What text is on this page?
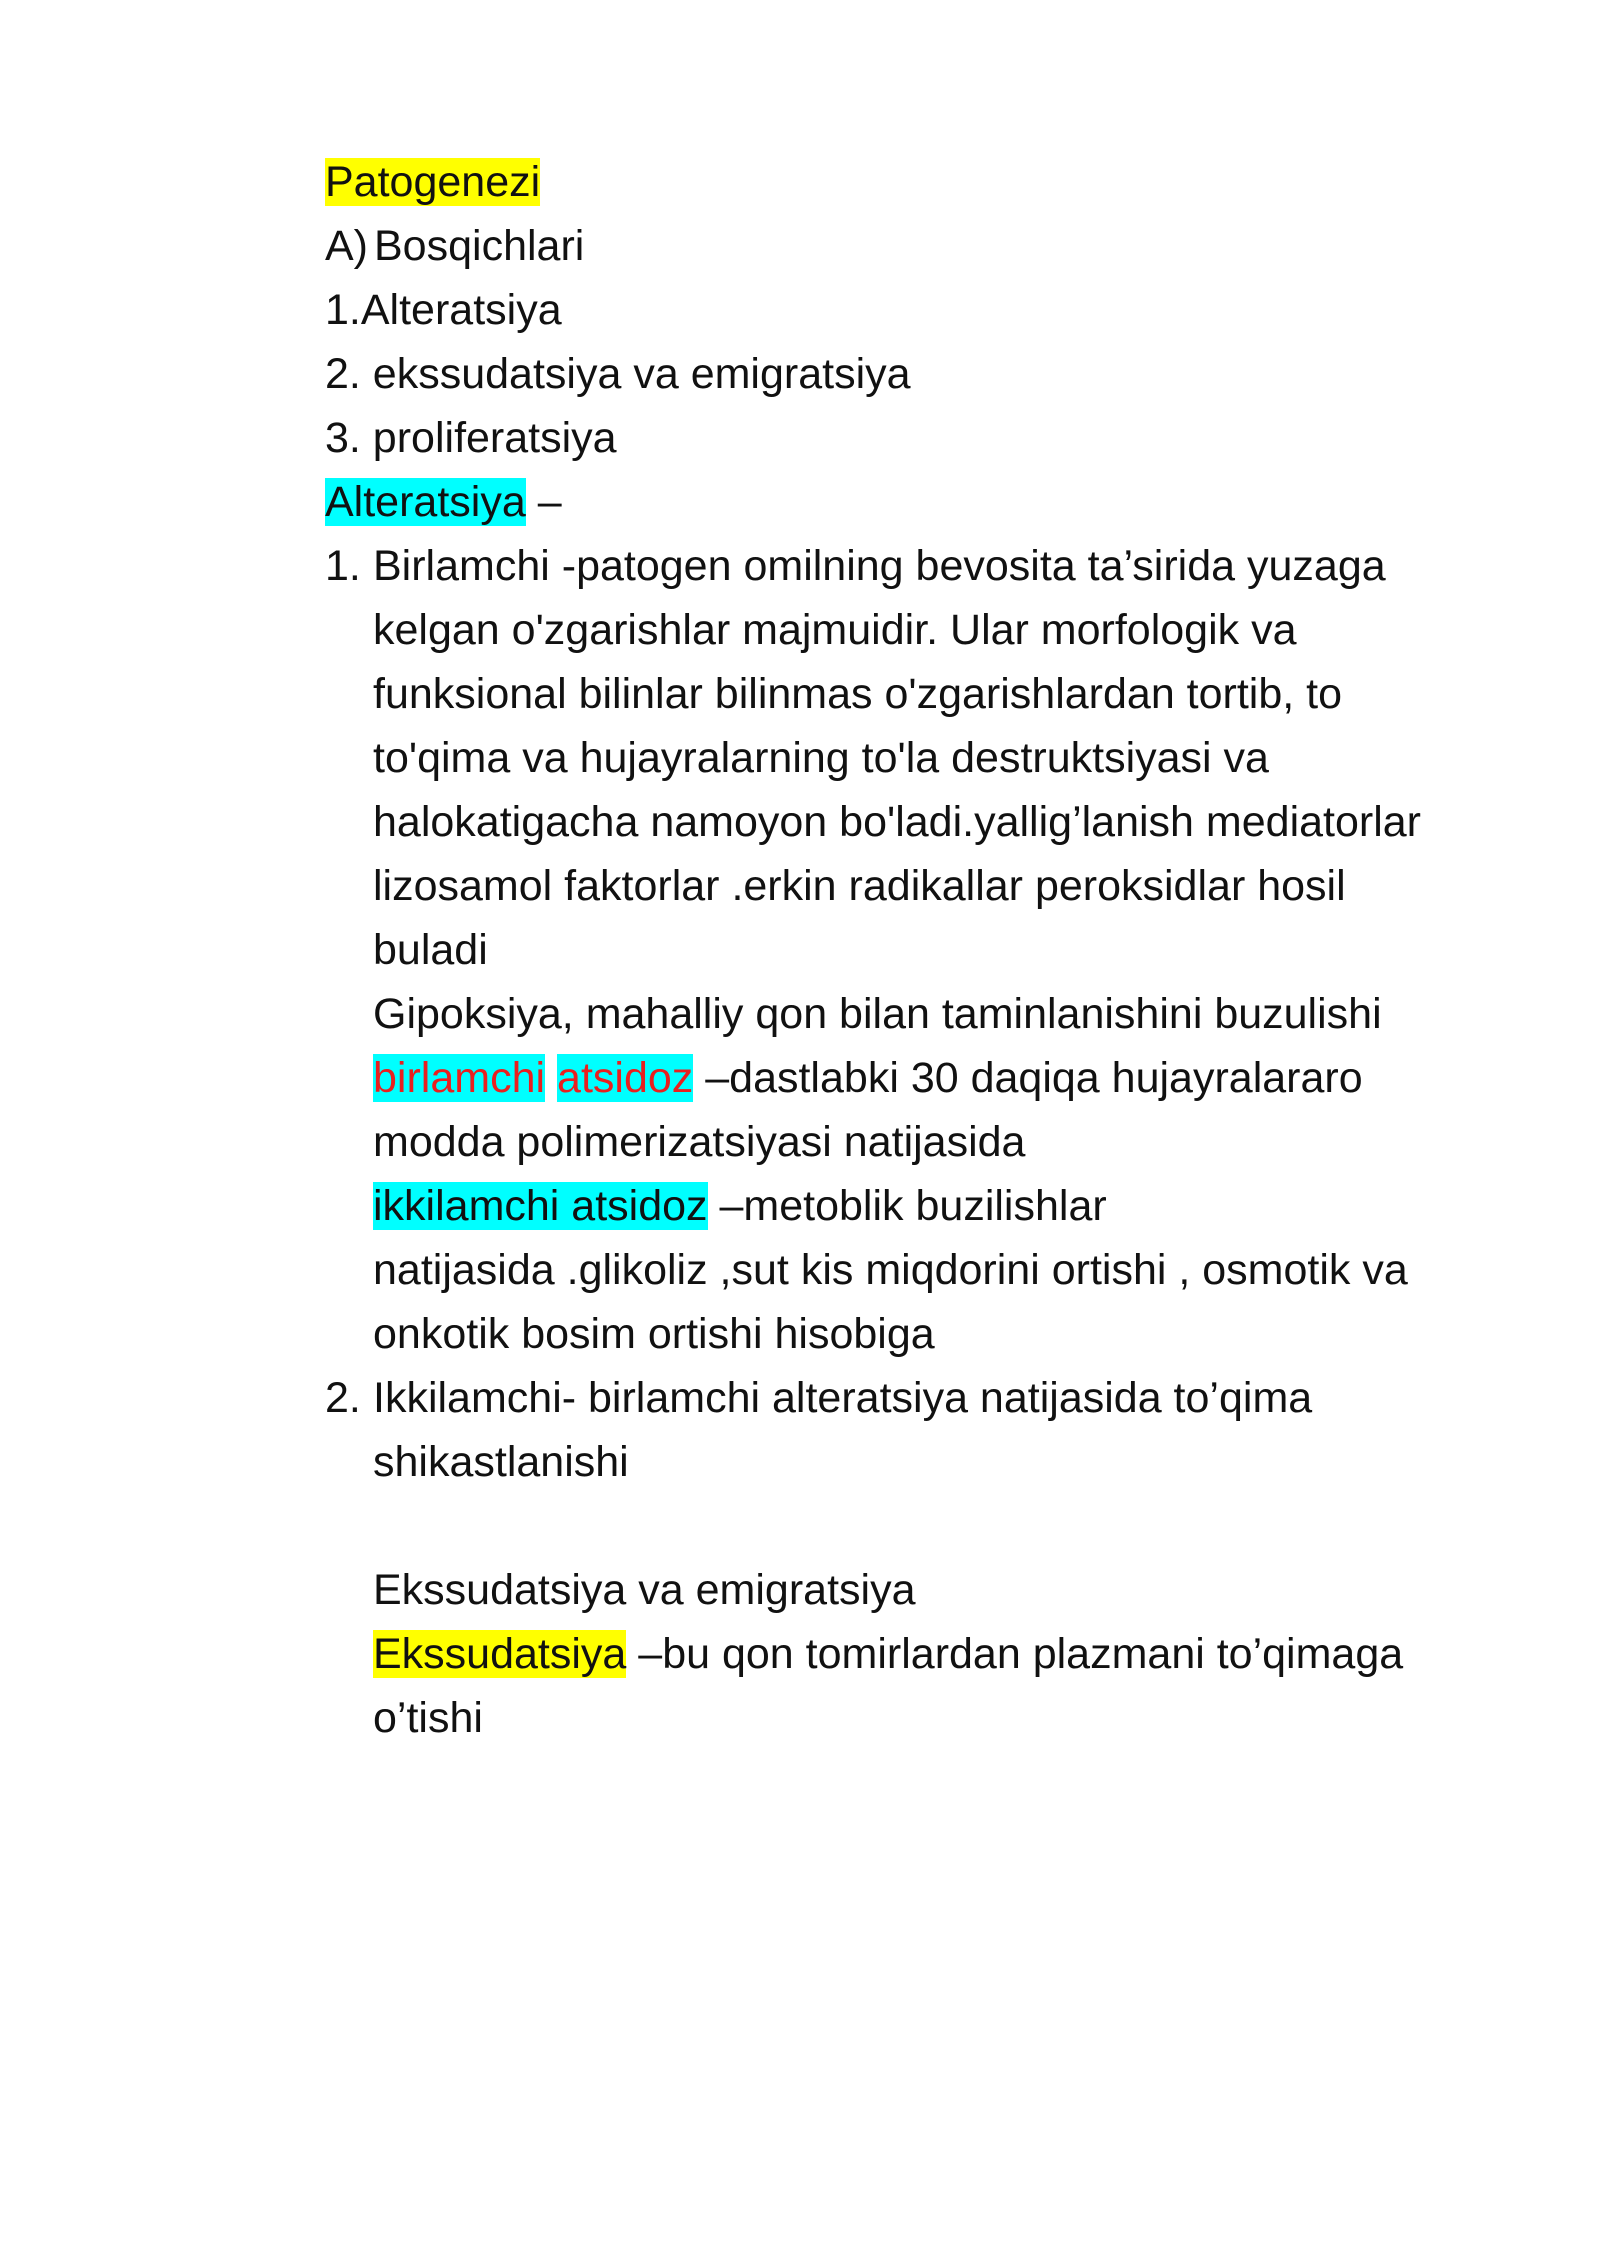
Patogenezi
A) Bosqichlari
1.Alteratsiya
2. ekssudatsiya va emigratsiya
3. proliferatsiya
Alteratsiya –
1. Birlamchi -patogen omilning bevosita ta’sirida yuzaga
kelgan o'zgarishlar majmuidir. Ular morfologik va
funksional bilinlar bilinmas o'zgarishlardan tortib, to
to'qima va hujayralarning to'la destruktsiyasi va
halokatigacha namoyon bo'ladi.yallig’lanish mediatorlar
lizosamol faktorlar .erkin radikallar peroksidlar hosil
buladi
Gipoksiya, mahalliy qon bilan taminlanishini buzulishi
birlamchi atsidoz –dastlabki 30 daqiqa hujayralararo
modda polimerizatsiyasi natijasida
ikkilamchi atsidoz –metoblik buzilishlar
natijasida .glikoliz ,sut kis miqdorini ortishi , osmotik va
onkotik bosim ortishi hisobiga
2. Ikkilamchi- birlamchi alteratsiya natijasida to’qima
shikastlanishi
Ekssudatsiya va emigratsiya
Ekssudatsiya –bu qon tomirlardan plazmani to’qimaga
o’tishi
